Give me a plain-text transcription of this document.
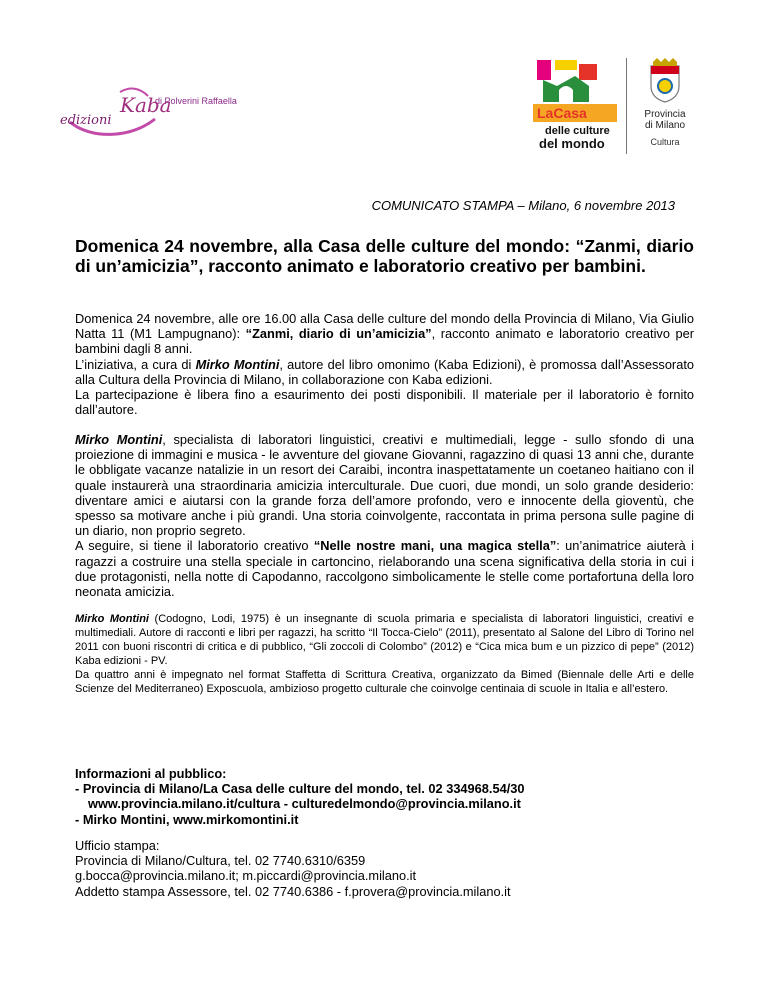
Kaba
edizioni
di Polverini Raffaella
LaCasa
delle culture
del mondo
Provincia
di Milano
Cultura
COMUNICATO STAMPA – Milano, 6 novembre 2013
Domenica 24 novembre, alla Casa delle culture del mondo: “Zanmi, diario di un’amicizia”, racconto animato e laboratorio creativo per bambini.
Domenica 24 novembre, alle ore 16.00 alla Casa delle culture del mondo della Provincia di Milano, Via Giulio Natta 11 (M1 Lampugnano): “Zanmi, diario di un’amicizia”, racconto animato e laboratorio creativo per bambini dagli 8 anni.
L’iniziativa, a cura di Mirko Montini, autore del libro omonimo (Kaba Edizioni), è promossa dall’Assessorato alla Cultura della Provincia di Milano, in collaborazione con Kaba edizioni.
La partecipazione è libera fino a esaurimento dei posti disponibili. Il materiale per il laboratorio è fornito dall’autore.
Mirko Montini, specialista di laboratori linguistici, creativi e multimediali, legge - sullo sfondo di una proiezione di immagini e musica - le avventure del giovane Giovanni, ragazzino di quasi 13 anni che, durante le obbligate vacanze natalizie in un resort dei Caraibi, incontra inaspettatamente un coetaneo haitiano con il quale instaurerà una straordinaria amicizia interculturale. Due cuori, due mondi, un solo grande desiderio: diventare amici e aiutarsi con la grande forza dell’amore profondo, vero e innocente della gioventù, che spesso sa motivare anche i più grandi. Una storia coinvolgente, raccontata in prima persona sulle pagine di un diario, non proprio segreto.
A seguire, si tiene il laboratorio creativo “Nelle nostre mani, una magica stella”: un’animatrice aiuterà i ragazzi a costruire una stella speciale in cartoncino, rielaborando una scena significativa della storia in cui i due protagonisti, nella notte di Capodanno, raccolgono simbolicamente le stelle come portafortuna della loro neonata amicizia.
Mirko Montini (Codogno, Lodi, 1975) è un insegnante di scuola primaria e specialista di laboratori linguistici, creativi e multimediali. Autore di racconti e libri per ragazzi, ha scritto “Il Tocca-Cielo” (2011), presentato al Salone del Libro di Torino nel 2011 con buoni riscontri di critica e di pubblico, “Gli zoccoli di Colombo” (2012) e “Cica mica bum e un pizzico di pepe” (2012) Kaba edizioni - PV.
Da quattro anni è impegnato nel format Staffetta di Scrittura Creativa, organizzato da Bimed (Biennale delle Arti e delle Scienze del Mediterraneo) Exposcuola, ambizioso progetto culturale che coinvolge centinaia di scuole in Italia e all’estero.
Informazioni al pubblico:
- Provincia di Milano/La Casa delle culture del mondo, tel. 02 334968.54/30
www.provincia.milano.it/cultura - culturedelmondo@provincia.milano.it
- Mirko Montini, www.mirkomontini.it
Ufficio stampa:
Provincia di Milano/Cultura, tel. 02 7740.6310/6359
g.bocca@provincia.milano.it; m.piccardi@provincia.milano.it
Addetto stampa Assessore, tel. 02 7740.6386 - f.provera@provincia.milano.it
